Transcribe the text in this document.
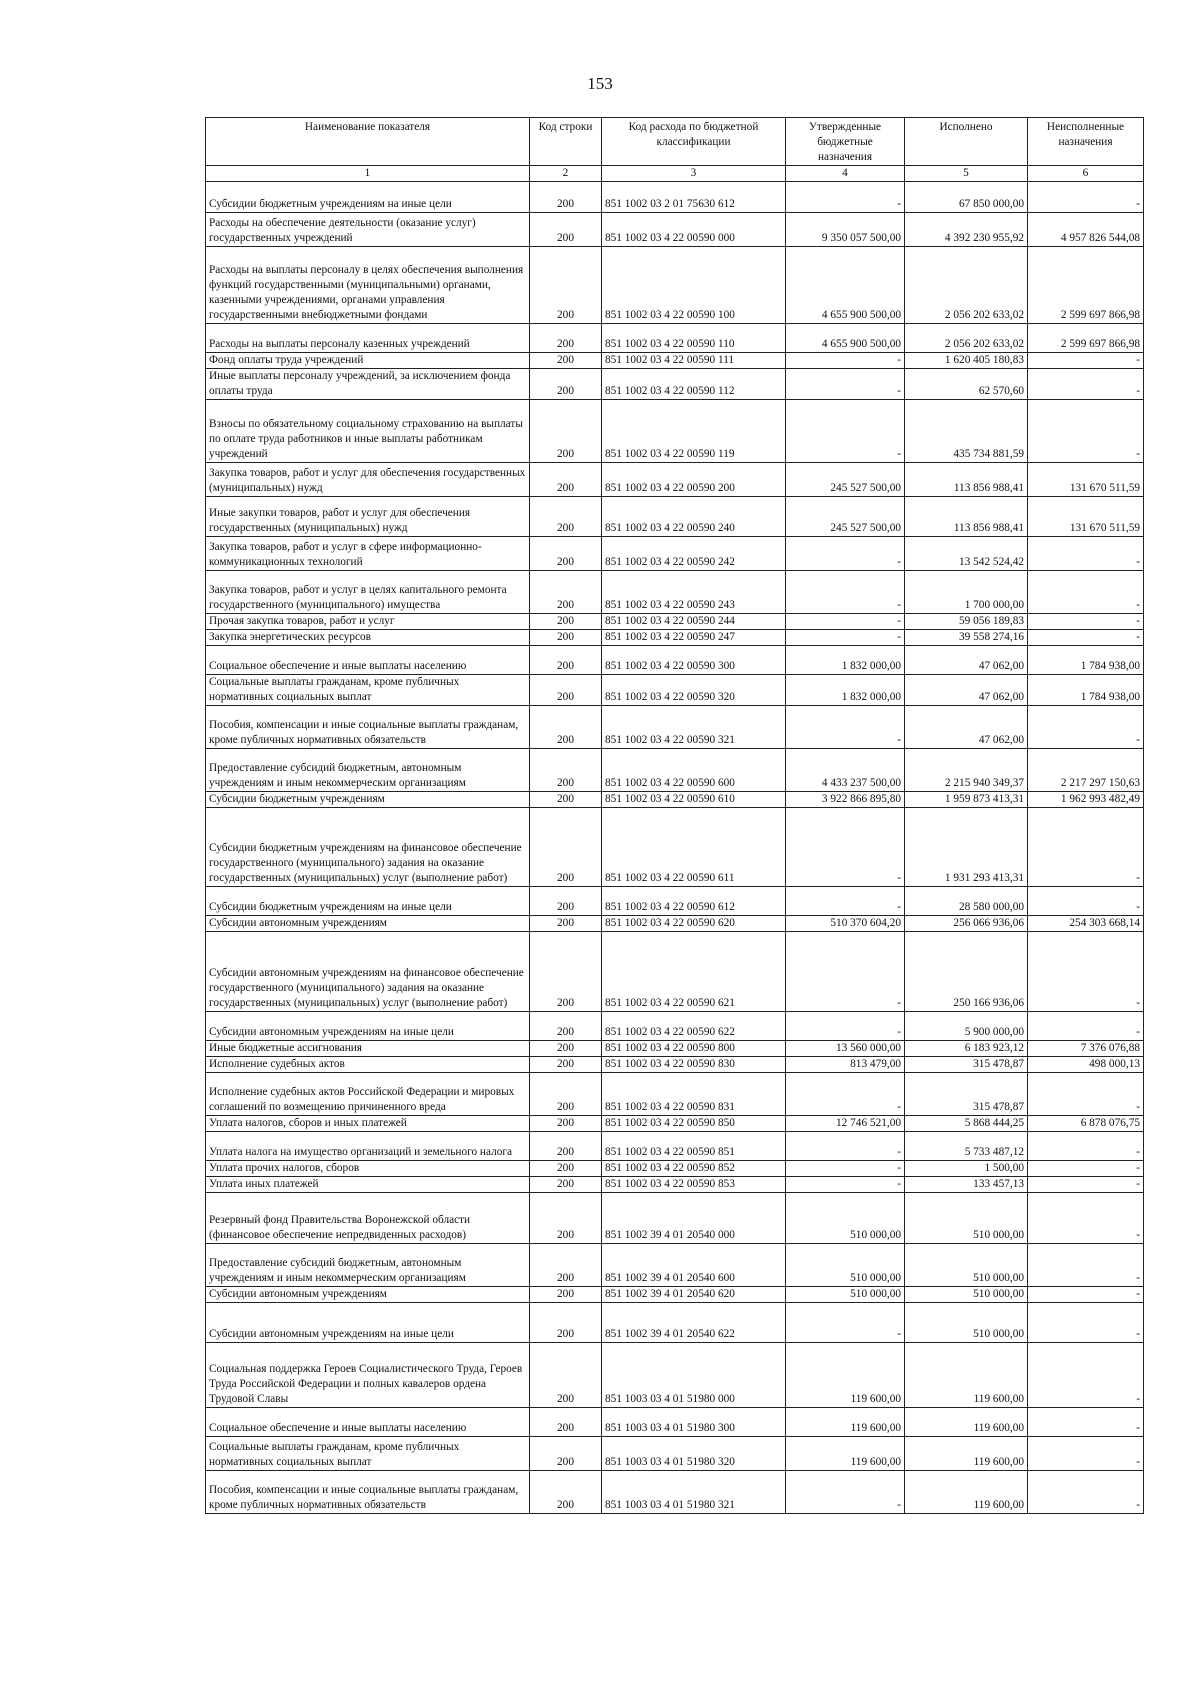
153
Наименование показателя	Код строки	Код расхода по бюджетной классификации	Утвержденные бюджетные назначения	Исполнено	Неисполненные назначения
1	2	3	4	5	6
Субсидии бюджетным учреждениям на иные цели	200	851 1002 03 2 01 75630 612	-	67 850 000,00	-
Расходы на обеспечение деятельности (оказание услуг) государственных учреждений	200	851 1002 03 4 22 00590 000	9 350 057 500,00	4 392 230 955,92	4 957 826 544,08
Расходы на выплаты персоналу в целях обеспечения выполнения функций государственными (муниципальными) органами, казенными учреждениями, органами управления государственными внебюджетными фондами	200	851 1002 03 4 22 00590 100	4 655 900 500,00	2 056 202 633,02	2 599 697 866,98
Расходы на выплаты персоналу казенных учреждений	200	851 1002 03 4 22 00590 110	4 655 900 500,00	2 056 202 633,02	2 599 697 866,98
Фонд оплаты труда учреждений	200	851 1002 03 4 22 00590 111	-	1 620 405 180,83	-
Иные выплаты персоналу учреждений, за исключением фонда оплаты труда	200	851 1002 03 4 22 00590 112	-	62 570,60	-
Взносы по обязательному социальному страхованию на выплаты по оплате труда работников и иные выплаты работникам учреждений	200	851 1002 03 4 22 00590 119	-	435 734 881,59	-
Закупка товаров, работ и услуг для обеспечения государственных (муниципальных) нужд	200	851 1002 03 4 22 00590 200	245 527 500,00	113 856 988,41	131 670 511,59
Иные закупки товаров, работ и услуг для обеспечения государственных (муниципальных) нужд	200	851 1002 03 4 22 00590 240	245 527 500,00	113 856 988,41	131 670 511,59
Закупка товаров, работ и услуг в сфере информационно-коммуникационных технологий	200	851 1002 03 4 22 00590 242	-	13 542 524,42	-
Закупка товаров, работ и услуг в целях капитального ремонта государственного (муниципального) имущества	200	851 1002 03 4 22 00590 243	-	1 700 000,00	-
Прочая закупка товаров, работ и услуг	200	851 1002 03 4 22 00590 244	-	59 056 189,83	-
Закупка энергетических ресурсов	200	851 1002 03 4 22 00590 247	-	39 558 274,16	-
Социальное обеспечение и иные выплаты населению	200	851 1002 03 4 22 00590 300	1 832 000,00	47 062,00	1 784 938,00
Социальные выплаты гражданам, кроме публичных нормативных социальных выплат	200	851 1002 03 4 22 00590 320	1 832 000,00	47 062,00	1 784 938,00
Пособия, компенсации и иные социальные выплаты гражданам, кроме публичных нормативных обязательств	200	851 1002 03 4 22 00590 321	-	47 062,00	-
Предоставление субсидий бюджетным, автономным учреждениям и иным некоммерческим организациям	200	851 1002 03 4 22 00590 600	4 433 237 500,00	2 215 940 349,37	2 217 297 150,63
Субсидии бюджетным учреждениям	200	851 1002 03 4 22 00590 610	3 922 866 895,80	1 959 873 413,31	1 962 993 482,49
Субсидии бюджетным учреждениям на финансовое обеспечение государственного (муниципального) задания на оказание государственных (муниципальных) услуг (выполнение работ)	200	851 1002 03 4 22 00590 611	-	1 931 293 413,31	-
Субсидии бюджетным учреждениям на иные цели	200	851 1002 03 4 22 00590 612	-	28 580 000,00	-
Субсидии автономным учреждениям	200	851 1002 03 4 22 00590 620	510 370 604,20	256 066 936,06	254 303 668,14
Субсидии автономным учреждениям на финансовое обеспечение государственного (муниципального) задания на оказание государственных (муниципальных) услуг (выполнение работ)	200	851 1002 03 4 22 00590 621	-	250 166 936,06	-
Субсидии автономным учреждениям на иные цели	200	851 1002 03 4 22 00590 622	-	5 900 000,00	-
Иные бюджетные ассигнования	200	851 1002 03 4 22 00590 800	13 560 000,00	6 183 923,12	7 376 076,88
Исполнение судебных актов	200	851 1002 03 4 22 00590 830	813 479,00	315 478,87	498 000,13
Исполнение судебных актов Российской Федерации и мировых соглашений по возмещению причиненного вреда	200	851 1002 03 4 22 00590 831	-	315 478,87	-
Уплата налогов, сборов и иных платежей	200	851 1002 03 4 22 00590 850	12 746 521,00	5 868 444,25	6 878 076,75
Уплата налога на имущество организаций и земельного налога	200	851 1002 03 4 22 00590 851	-	5 733 487,12	-
Уплата прочих налогов, сборов	200	851 1002 03 4 22 00590 852	-	1 500,00	-
Уплата иных платежей	200	851 1002 03 4 22 00590 853	-	133 457,13	-
Резервный фонд Правительства Воронежской области (финансовое обеспечение непредвиденных расходов)	200	851 1002 39 4 01 20540 000	510 000,00	510 000,00	-
Предоставление субсидий бюджетным, автономным учреждениям и иным некоммерческим организациям	200	851 1002 39 4 01 20540 600	510 000,00	510 000,00	-
Субсидии автономным учреждениям	200	851 1002 39 4 01 20540 620	510 000,00	510 000,00	-
Субсидии автономным учреждениям на иные цели	200	851 1002 39 4 01 20540 622	-	510 000,00	-
Социальная поддержка Героев Социалистического Труда, Героев Труда Российской Федерации и полных кавалеров ордена Трудовой Славы	200	851 1003 03 4 01 51980 000	119 600,00	119 600,00	-
Социальное обеспечение и иные выплаты населению	200	851 1003 03 4 01 51980 300	119 600,00	119 600,00	-
Социальные выплаты гражданам, кроме публичных нормативных социальных выплат	200	851 1003 03 4 01 51980 320	119 600,00	119 600,00	-
Пособия, компенсации и иные социальные выплаты гражданам, кроме публичных нормативных обязательств	200	851 1003 03 4 01 51980 321	-	119 600,00	-
